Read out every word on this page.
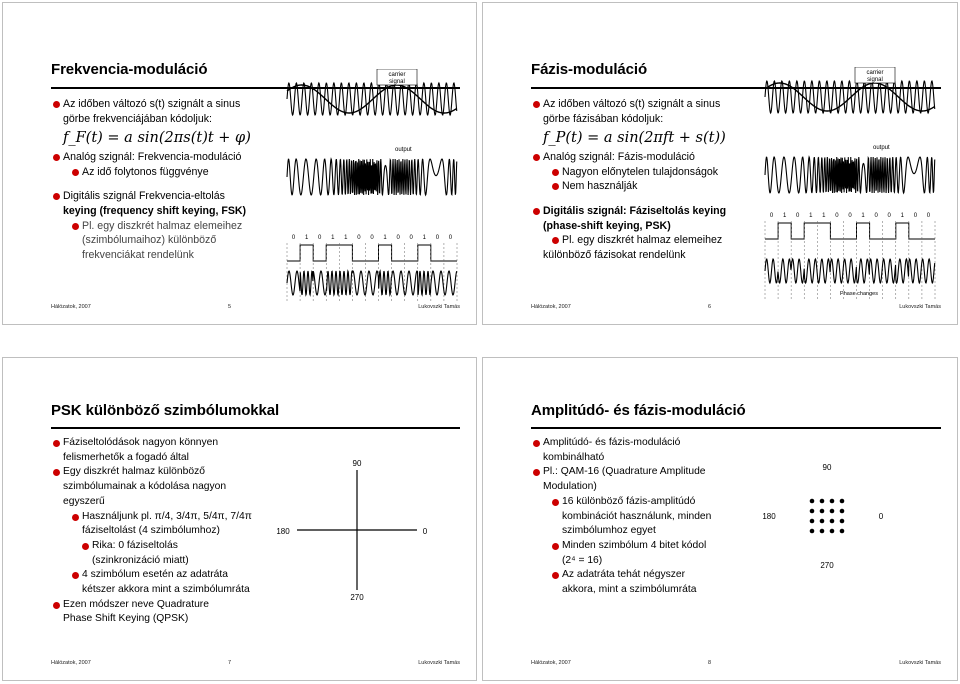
Frekvencia-moduláció
Az időben változó s(t) szignált a sinus
görbe frekvenciájában kódoljuk:
f_F(t) = a sin(2πs(t)t + φ)
Analóg szignál: Frekvencia-moduláció
Az idő folytonos függvénye
Digitális szignál Frekvencia-eltolás
keying (frequency shift keying, FSK)
Pl. egy diszkrét halmaz elemeihez
(szimbólumaihoz) különböző
frekvenciákat rendelünk
carrier
signal
output
0 1 0 1 1 0 0 1 0 0 1 0 0
Hálózatok, 2007	5	Lukovszki Tamás
Fázis-moduláció
Az időben változó s(t) szignált a sinus
görbe fázisában kódoljuk:
f_P(t) = a sin(2πft + s(t))
Analóg szignál: Fázis-moduláció
Nagyon előnytelen tulajdonságok
Nem használják
Digitális szignál: Fáziseltolás keying
(phase-shift keying, PSK)
Pl. egy diszkrét halmaz elemeihez
különböző fázisokat rendelünk
carrier
signal
output
0 1 0 1 1 0 0 1 0 0 1 0 0
Phase changes
Hálózatok, 2007	6	Lukovszki Tamás
PSK különböző szimbólumokkal
Fáziseltolódások nagyon könnyen
felismerhetők a fogadó által
Egy diszkrét halmaz különböző
szimbólumainak a kódolása nagyon
egyszerű
Használjunk pl. π/4, 3/4π, 5/4π, 7/4π
fáziseltolást (4 szimbólumhoz)
Rika: 0 fáziseltolás
(szinkronizáció miatt)
4 szimbólum esetén az adatráta
kétszer akkora mint a szimbólumráta
Ezen módszer neve Quadrature
Phase Shift Keying (QPSK)
90
180	0
270
Hálózatok, 2007	7	Lukovszki Tamás
Amplitúdó- és fázis-moduláció
Amplitúdó- és fázis-moduláció
kombinálható
Pl.: QAM-16 (Quadrature Amplitude
Modulation)
16 különböző fázis-amplitúdó
kombinációt használunk, minden
szimbólumhoz egyet
Minden szimbólum 4 bitet kódol
(2⁴ = 16)
Az adatráta tehát négyszer
akkora, mint a szimbólumráta
90
180	0
270
Hálózatok, 2007	8	Lukovszki Tamás
